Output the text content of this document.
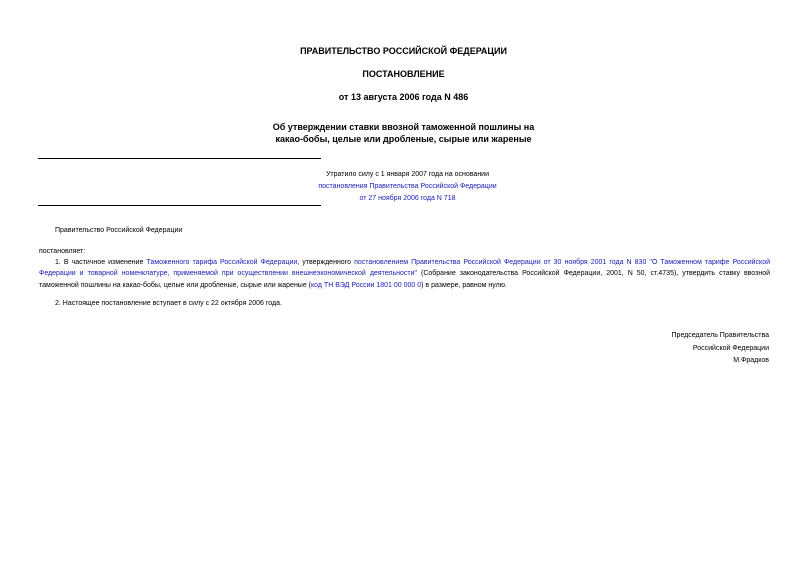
ПРАВИТЕЛЬСТВО РОССИЙСКОЙ ФЕДЕРАЦИИ
ПОСТАНОВЛЕНИЕ
от 13 августа 2006 года N 486
Об утверждении ставки ввозной таможенной пошлины на
какао-бобы, целые или дробленые, сырые или жареные
Утратило силу с 1 января 2007 года на основании
постановления Правительства Российской Федерации
от 27 ноября 2006 года N 718
Правительство Российской Федерации
постановляет:
1. В частичное изменение Таможенного тарифа Российской Федерации, утвержденного постановлением Правительства Российской Федерации от 30 ноября 2001 года N 830 "О Таможенном тарифе Российской Федерации и товарной номенклатуре, применяемой при осуществлении внешнеэкономической деятельности" (Собрание законодательства Российской Федерации, 2001, N 50, ст.4735), утвердить ставку ввозной таможенной пошлины на какао-бобы, целые или дробленые, сырые или жареные (код ТН ВЭД России 1801 00 000 0) в размере, равном нулю.
2. Настоящее постановление вступает в силу с 22 октября 2006 года.
Председатель Правительства
Российской Федерации
М.Фрадков
